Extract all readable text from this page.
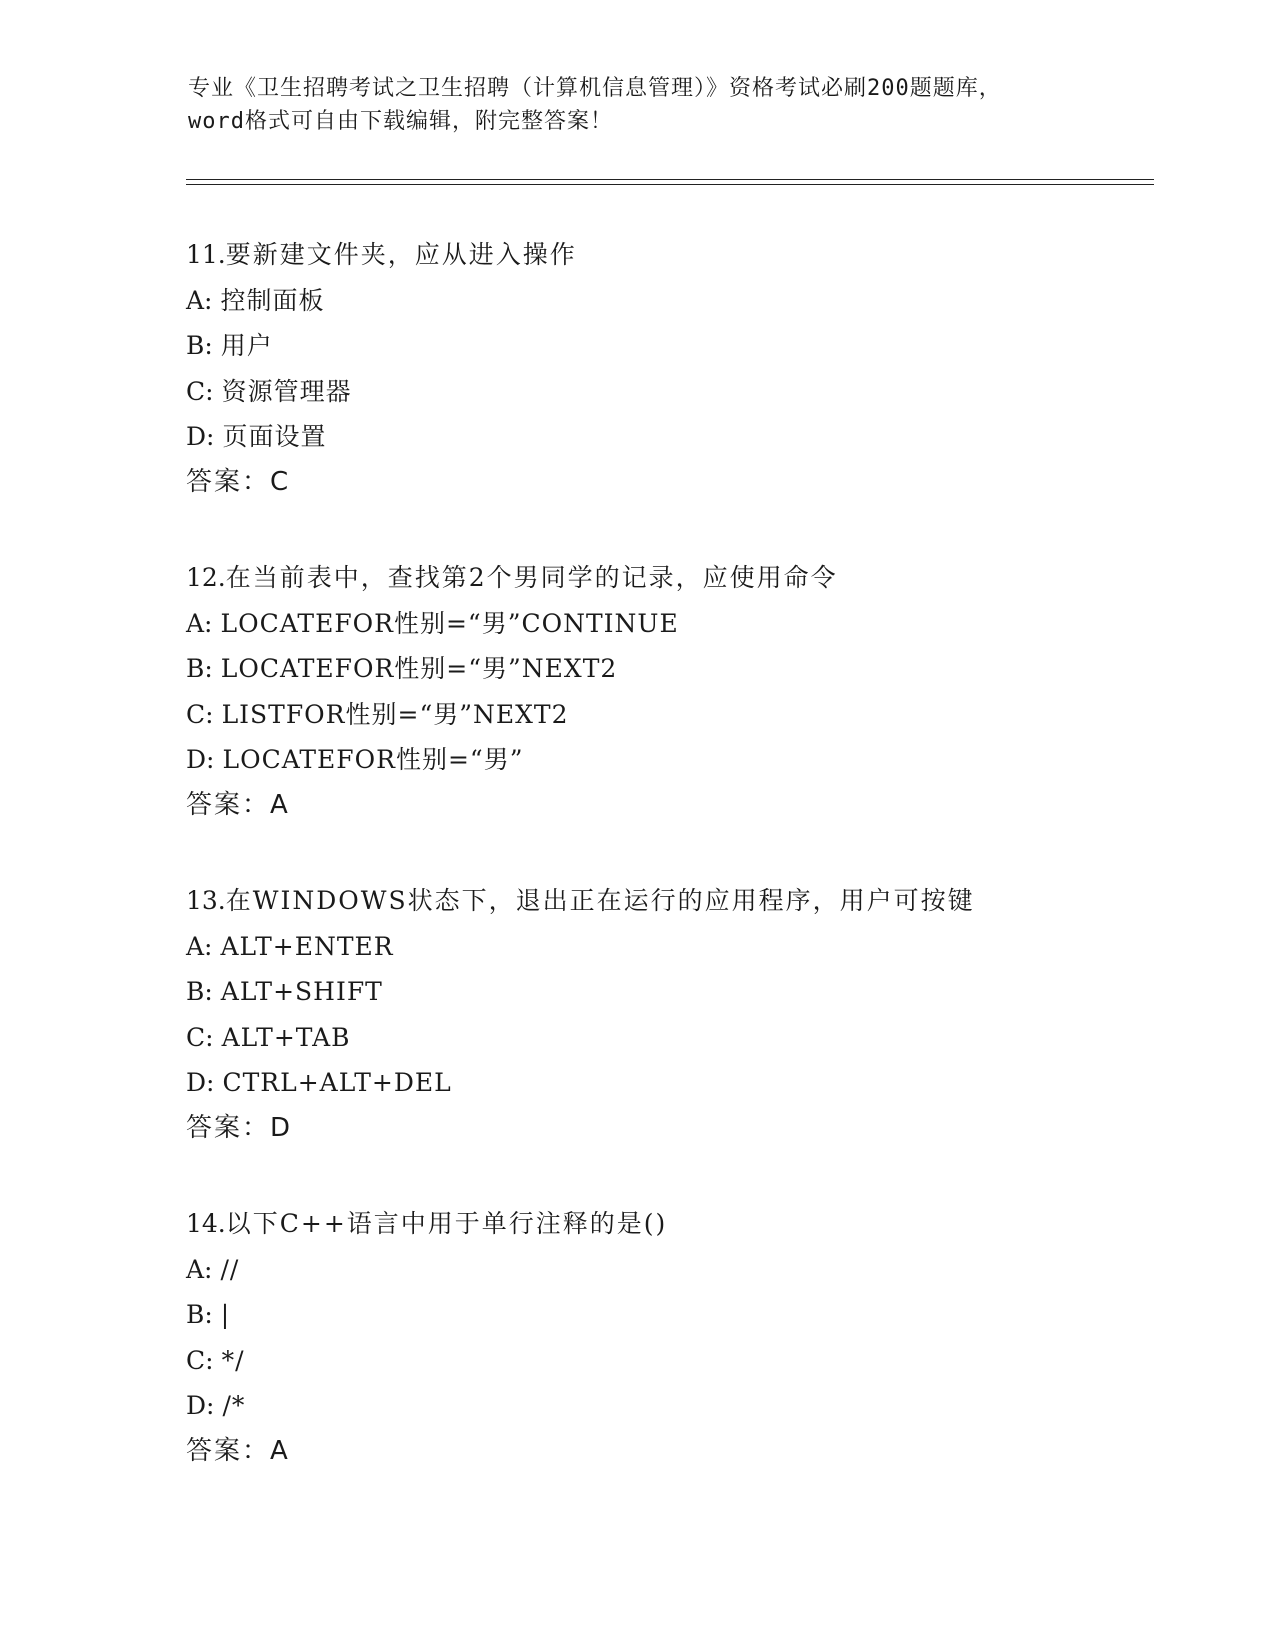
专业《卫生招聘考试之卫生招聘（计算机信息管理）》资格考试必刷200题题库，
word格式可自由下载编辑，附完整答案！
11.要新建文件夹，应从进入操作
A: 控制面板
B: 用户
C: 资源管理器
D: 页面设置
答案：C
12.在当前表中，查找第2个男同学的记录，应使用命令
A: LOCATEFOR性别=“男”CONTINUE
B: LOCATEFOR性别=“男”NEXT2
C: LISTFOR性别=“男”NEXT2
D: LOCATEFOR性别=“男”
答案：A
13.在WINDOWS状态下，退出正在运行的应用程序，用户可按键
A: ALT+ENTER
B: ALT+SHIFT
C: ALT+TAB
D: CTRL+ALT+DEL
答案：D
14.以下C++语言中用于单行注释的是()
A: //
B: |
C: */
D: /*
答案：A
